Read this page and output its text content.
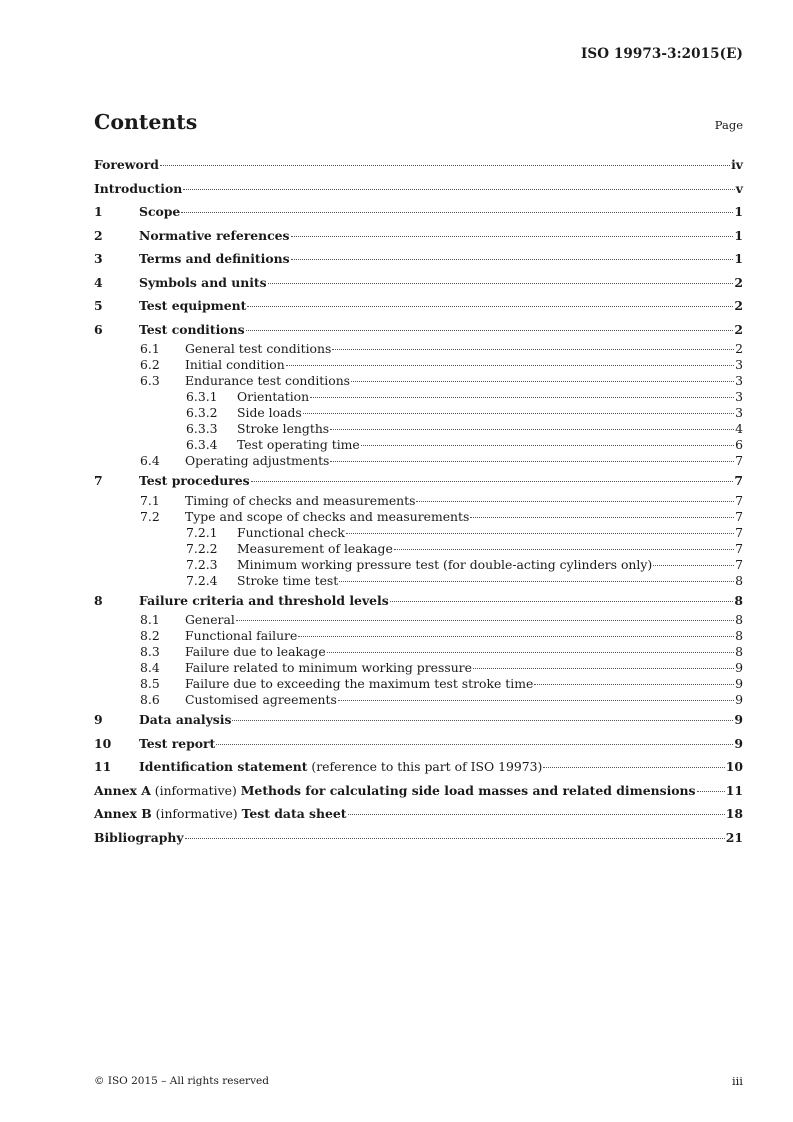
ISO 19973-3:2015(E)
Contents	Page
Foreword	iv
Introduction	v
1	Scope	1
2	Normative references	1
3	Terms and definitions	1
4	Symbols and units	2
5	Test equipment	2
6	Test conditions	2
6.1 General test conditions	2
6.2 Initial condition	3
6.3 Endurance test conditions	3
6.3.1 Orientation	3
6.3.2 Side loads	3
6.3.3 Stroke lengths	4
6.3.4 Test operating time	6
6.4 Operating adjustments	7
7	Test procedures	7
7.1 Timing of checks and measurements	7
7.2 Type and scope of checks and measurements	7
7.2.1 Functional check	7
7.2.2 Measurement of leakage	7
7.2.3 Minimum working pressure test (for double-acting cylinders only)	7
7.2.4 Stroke time test	8
8	Failure criteria and threshold levels	8
8.1 General	8
8.2 Functional failure	8
8.3 Failure due to leakage	8
8.4 Failure related to minimum working pressure	9
8.5 Failure due to exceeding the maximum test stroke time	9
8.6 Customised agreements	9
9	Data analysis	9
10 Test report	9
11 Identification statement (reference to this part of ISO 19973)	10
Annex A (informative) Methods for calculating side load masses and related dimensions 11
Annex B (informative) Test data sheet	18
Bibliography	21
© ISO 2015 – All rights reserved	iii
